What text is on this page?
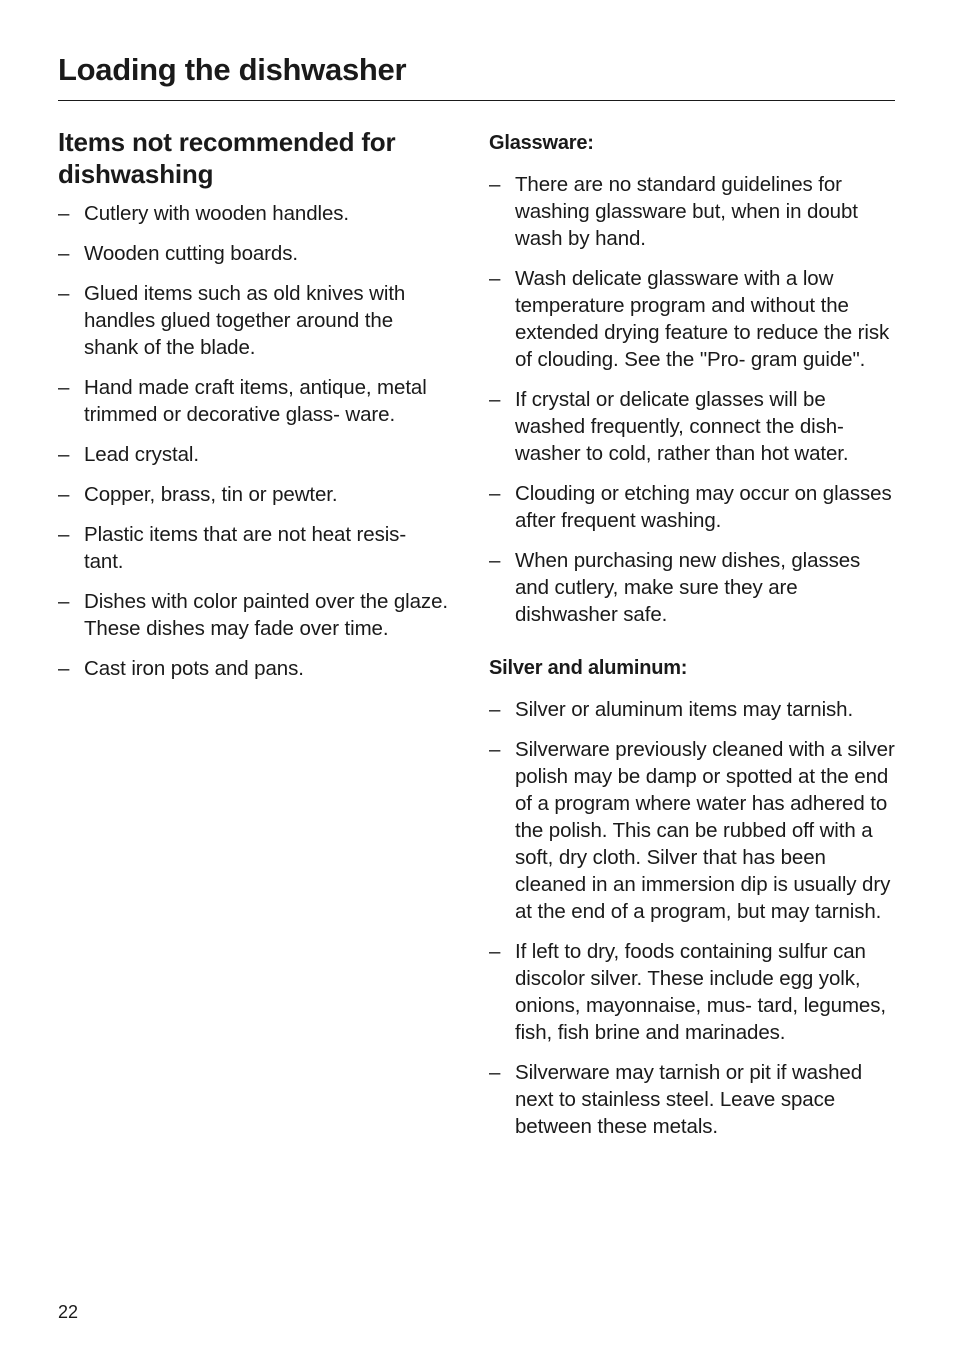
Loading the dishwasher
Items not recommended for dishwashing
– Cutlery with wooden handles.
– Wooden cutting boards.
– Glued items such as old knives with handles glued together around the shank of the blade.
– Hand made craft items, antique, metal trimmed or decorative glass- ware.
– Lead crystal.
– Copper, brass, tin or pewter.
– Plastic items that are not heat resis- tant.
– Dishes with color painted over the glaze. These dishes may fade over time.
– Cast iron pots and pans.
Glassware:
– There are no standard guidelines for washing glassware but, when in doubt wash by hand.
– Wash delicate glassware with a low temperature program and without the extended drying feature to reduce the risk of clouding. See the "Pro- gram guide".
– If crystal or delicate glasses will be washed frequently, connect the dish- washer to cold, rather than hot water.
– Clouding or etching may occur on glasses after frequent washing.
– When purchasing new dishes, glasses and cutlery, make sure they are dishwasher safe.
Silver and aluminum:
– Silver or aluminum items may tarnish.
– Silverware previously cleaned with a silver polish may be damp or spotted at the end of a program where water has adhered to the polish. This can be rubbed off with a soft, dry cloth. Silver that has been cleaned in an immersion dip is usually dry at the end of a program, but may tarnish.
– If left to dry, foods containing sulfur can discolor silver. These include egg yolk, onions, mayonnaise, mus- tard, legumes, fish, fish brine and marinades.
– Silverware may tarnish or pit if washed next to stainless steel. Leave space between these metals.
22
